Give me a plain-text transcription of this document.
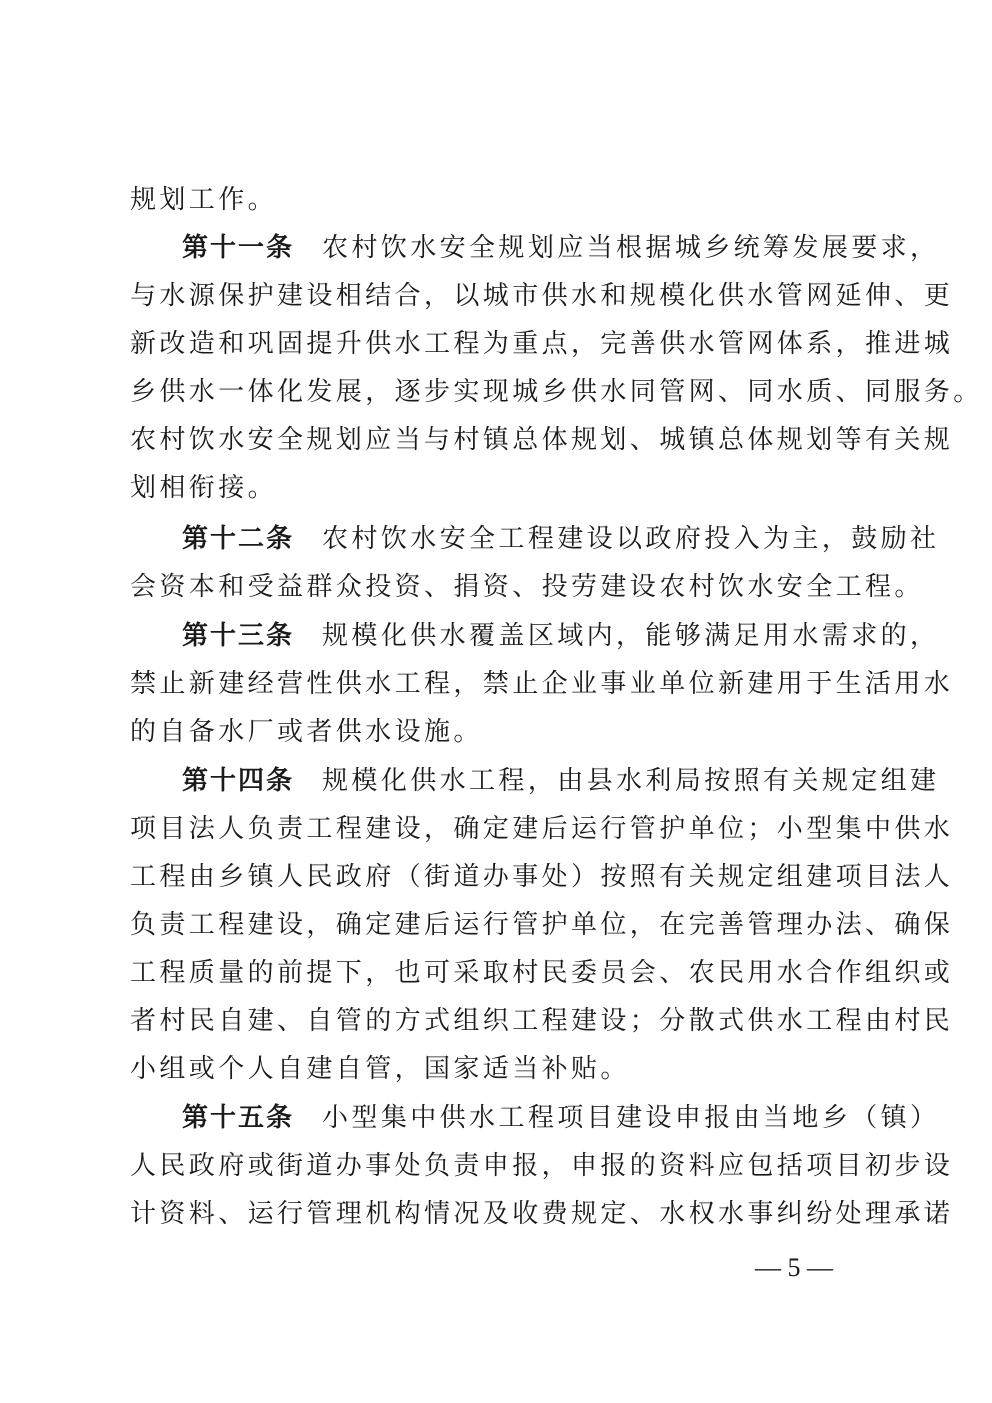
规划工作。
第十一条 农村饮水安全规划应当根据城乡统筹发展要求，
与水源保护建设相结合，以城市供水和规模化供水管网延伸、更
新改造和巩固提升供水工程为重点，完善供水管网体系，推进城
乡供水一体化发展，逐步实现城乡供水同管网、同水质、同服务。
农村饮水安全规划应当与村镇总体规划、城镇总体规划等有关规
划相衔接。
第十二条 农村饮水安全工程建设以政府投入为主，鼓励社
会资本和受益群众投资、捐资、投劳建设农村饮水安全工程。
第十三条 规模化供水覆盖区域内，能够满足用水需求的，
禁止新建经营性供水工程，禁止企业事业单位新建用于生活用水
的自备水厂或者供水设施。
第十四条 规模化供水工程，由县水利局按照有关规定组建
项目法人负责工程建设，确定建后运行管护单位；小型集中供水
工程由乡镇人民政府（街道办事处）按照有关规定组建项目法人
负责工程建设，确定建后运行管护单位，在完善管理办法、确保
工程质量的前提下，也可采取村民委员会、农民用水合作组织或
者村民自建、自管的方式组织工程建设；分散式供水工程由村民
小组或个人自建自管，国家适当补贴。
第十五条 小型集中供水工程项目建设申报由当地乡（镇）
人民政府或街道办事处负责申报，申报的资料应包括项目初步设
计资料、运行管理机构情况及收费规定、水权水事纠纷处理承诺
— 5 —
